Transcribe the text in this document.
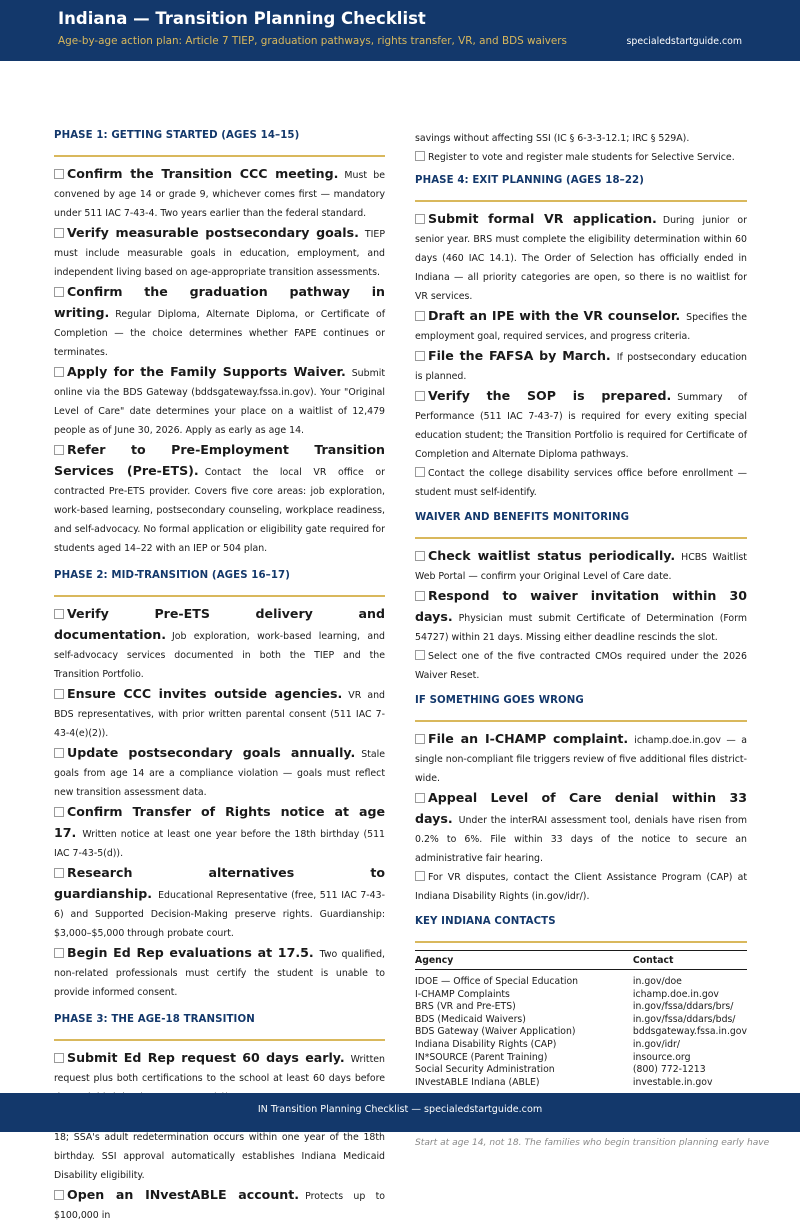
Indiana — Transition Planning Checklist
Age-by-age action plan: Article 7 TIEP, graduation pathways, rights transfer, VR, and BDS waivers	specialedstartguide.com
PHASE 1: GETTING STARTED (AGES 14–15)
Confirm the Transition CCC meeting. Must be convened by age 14 or grade 9, whichever comes first — mandatory under 511 IAC 7-43-4. Two years earlier than the federal standard.
Verify measurable postsecondary goals. TIEP must include measurable goals in education, employment, and independent living based on age-appropriate transition assessments.
Confirm the graduation pathway in writing. Regular Diploma, Alternate Diploma, or Certificate of Completion — the choice determines whether FAPE continues or terminates.
Apply for the Family Supports Waiver. Submit online via the BDS Gateway (bddsgateway.fssa.in.gov). Your "Original Level of Care" date determines your place on a waitlist of 12,479 people as of June 30, 2026. Apply as early as age 14.
Refer to Pre-Employment Transition Services (Pre-ETS). Contact the local VR office or contracted Pre-ETS provider. Covers five core areas: job exploration, work-based learning, postsecondary counseling, workplace readiness, and self-advocacy. No formal application or eligibility gate required for students aged 14–22 with an IEP or 504 plan.
PHASE 2: MID-TRANSITION (AGES 16–17)
Verify Pre-ETS delivery and documentation. Job exploration, work-based learning, and self-advocacy services documented in both the TIEP and the Transition Portfolio.
Ensure CCC invites outside agencies. VR and BDS representatives, with prior written parental consent (511 IAC 7-43-4(e)(2)).
Update postsecondary goals annually. Stale goals from age 14 are a compliance violation — goals must reflect new transition assessment data.
Confirm Transfer of Rights notice at age 17. Written notice at least one year before the 18th birthday (511 IAC 7-43-5(d)).
Research alternatives to guardianship. Educational Representative (free, 511 IAC 7-43-6) and Supported Decision-Making preserve rights. Guardianship: $3,000–$5,000 through probate court.
Begin Ed Rep evaluations at 17.5. Two qualified, non-related professionals must certify the student is unable to provide informed consent.
PHASE 3: THE AGE-18 TRANSITION
Submit Ed Rep request 60 days early. Written request plus both certifications to the school at least 60 days before
18; SSA's adult redetermination occurs within one year of the 18th birthday. SSI approval automatically establishes Indiana Medicaid Disability eligibility.
Open an INvestABLE account. Protects up to $100,000 in
savings without affecting SSI (IC § 6-3-3-12.1; IRC § 529A).
Register to vote and register male students for Selective Service.
PHASE 4: EXIT PLANNING (AGES 18–22)
Submit formal VR application. During junior or senior year. BRS must complete the eligibility determination within 60 days (460 IAC 14.1). The Order of Selection has officially ended in Indiana — all priority categories are open, so there is no waitlist for VR services.
Draft an IPE with the VR counselor. Specifies the employment goal, required services, and progress criteria.
File the FAFSA by March. If postsecondary education is planned.
Verify the SOP is prepared. Summary of Performance (511 IAC 7-43-7) is required for every exiting special education student; the Transition Portfolio is required for Certificate of Completion and Alternate Diploma pathways.
Contact the college disability services office before enrollment — student must self-identify.
WAIVER AND BENEFITS MONITORING
Check waitlist status periodically. HCBS Waitlist Web Portal — confirm your Original Level of Care date.
Respond to waiver invitation within 30 days. Physician must submit Certificate of Determination (Form 54727) within 21 days. Missing either deadline rescinds the slot.
Select one of the five contracted CMOs required under the 2026 Waiver Reset.
IF SOMETHING GOES WRONG
File an I-CHAMP complaint. ichamp.doe.in.gov — a single non-compliant file triggers review of five additional files district-wide.
Appeal Level of Care denial within 33 days. Under the interRAI assessment tool, denials have risen from 0.2% to 6%. File within 33 days of the notice to secure an administrative fair hearing.
For VR disputes, contact the Client Assistance Program (CAP) at Indiana Disability Rights (in.gov/idr/).
KEY INDIANA CONTACTS
Agency	Contact
IDOE — Office of Special Education	in.gov/doe
I-CHAMP Complaints	ichamp.doe.in.gov
BRS (VR and Pre-ETS)	in.gov/fssa/ddars/brs/
BDS (Medicaid Waivers)	in.gov/fssa/ddars/bds/
BDS Gateway (Waiver Application)	bddsgateway.fssa.in.gov
Indiana Disability Rights (CAP)	in.gov/idr/
IN*SOURCE (Parent Training)	insource.org
Social Security Administration	(800) 772-1213
INvestABLE Indiana (ABLE)	investable.in.gov
Start at age 14, not 18. The families who begin transition planning early have
IN Transition Planning Checklist — specialedstartguide.com
